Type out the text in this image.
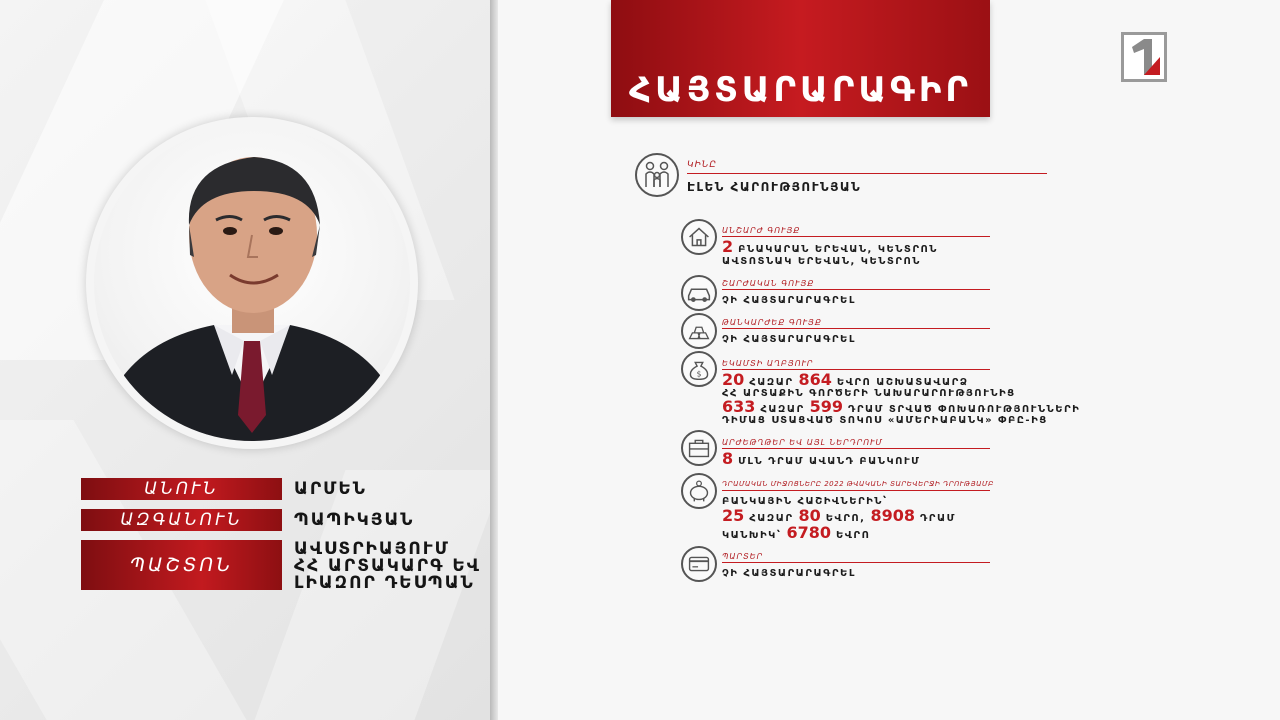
ԱՆՈՒՆ	ԱՐՄԵՆ
ԱԶԳԱՆՈՒՆ	ՊԱՊԻԿՅԱՆ
ՊԱՇՏՈՆ
ԱՎՍՏՐԻԱՅՈՒՄ
ՀՀ ԱՐՏԱԿԱՐԳ ԵՎ
ԼԻԱԶՈՐ ԴԵՍՊԱՆ
ՀԱՅՏԱՐԱՐԱԳԻՐ
ԿԻՆԸ
ԷԼԵՆ ՀԱՐՈՒԹՅՈՒՆՅԱՆ
ԱՆՇԱՐԺ ԳՈՒՅՔ
2 ԲՆԱԿԱՐԱՆ ԵՐԵՎԱՆ, ԿԵՆՏՐՈՆ
ԱՎՏՈՏՆԱԿ ԵՐԵՎԱՆ, ԿԵՆՏՐՈՆ
ՇԱՐԺԱԿԱՆ ԳՈՒՅՔ
ՉԻ ՀԱՅՏԱՐԱՐԱԳՐԵԼ
ԹԱՆԿԱՐԺԵՔ ԳՈՒՅՔ
ՉԻ ՀԱՅՏԱՐԱՐԱԳՐԵԼ
$
ԵԿԱՄՏԻ ԱՂԲՅՈՒՐ
20 ՀԱԶԱՐ 864 ԵՎՐՈ ԱՇԽԱՏԱՎԱՐՁ
ՀՀ ԱՐՏԱՔԻՆ ԳՈՐԾԵՐԻ ՆԱԽԱՐԱՐՈՒԹՅՈՒՆԻՑ
633 ՀԱԶԱՐ 599 ԴՐԱՄ ՏՐՎԱԾ ՓՈԽԱՌՈՒԹՅՈՒՆՆԵՐԻ
ԴԻՄԱՑ ՍՏԱՑՎԱԾ ՏՈԿՈՍ «ԱՄԵՐԻԱԲԱՆԿ» ՓԲԸ-ԻՑ
ԱՐԺԵԹՂԹԵՐ ԵՎ ԱՅԼ ՆԵՐԴՐՈՒՄ
8 ՄԼՆ ԴՐԱՄ ԱՎԱՆԴ ԲԱՆԿՈՒՄ
ԴՐԱՄԱԿԱՆ ՄԻՋՈՑՆԵՐԸ 2022 ԹՎԱԿԱՆԻ ՏԱՐԵՎԵՐՋԻ ԴՐՈՒԹՅԱՄԲ
ԲԱՆԿԱՅԻՆ ՀԱՇԻՎՆԵՐԻՆ՝
25 ՀԱԶԱՐ 80 ԵՎՐՈ, 8908 ԴՐԱՄ
ԿԱՆԽԻԿ՝ 6780 ԵՎՐՈ
ՊԱՐՏԵՐ
ՉԻ ՀԱՅՏԱՐԱՐԱԳՐԵԼ
